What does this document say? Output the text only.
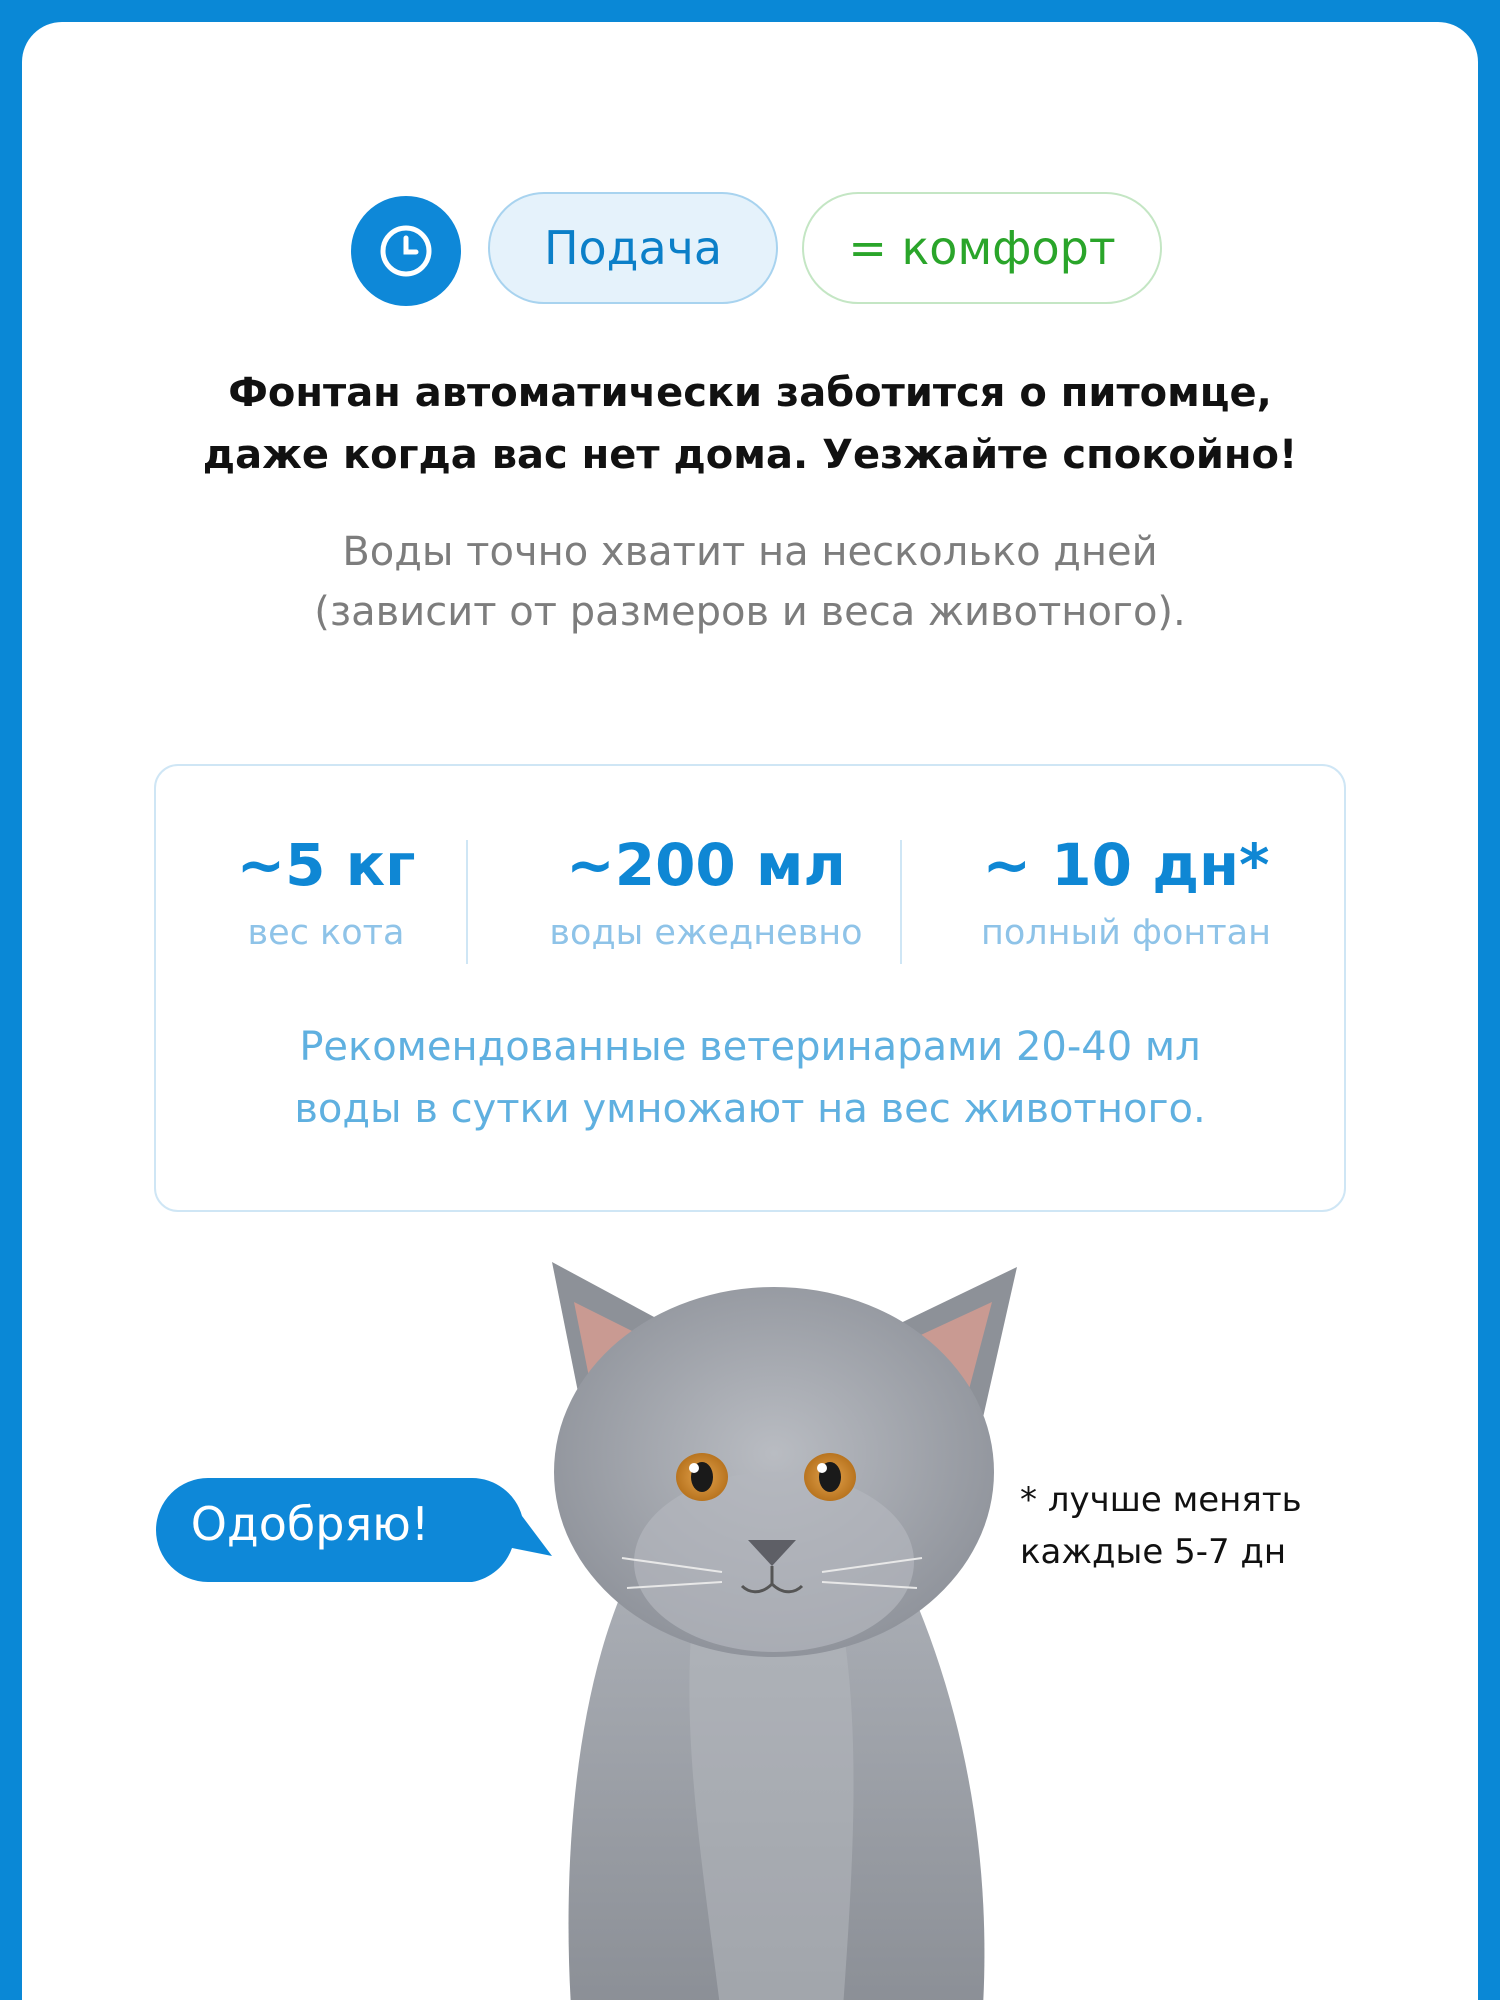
Подача	= комфорт
Фонтан автоматически заботится о питомце,
даже когда вас нет дома. Уезжайте спокойно!
Воды точно хватит на несколько дней
(зависит от размеров и веса животного).
~5 кг
вес кота
~200 мл
воды ежедневно
~ 10 дн*
полный фонтан
Рекомендованные ветеринарами 20-40 мл
воды в сутки умножают на вес животного.
Одобряю!	* лучше менять
каждые 5-7 дн
